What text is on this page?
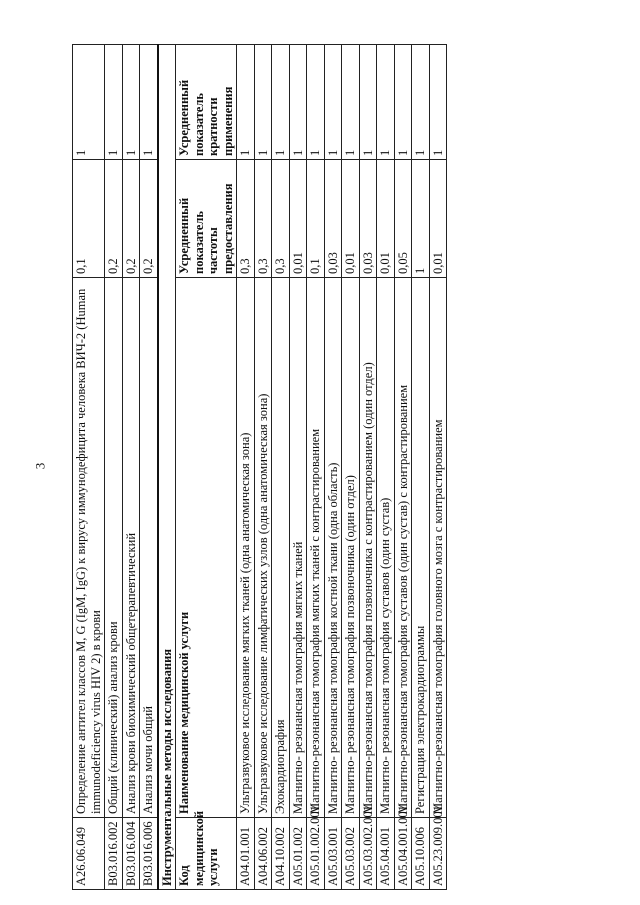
3
A26.06.049	Определение антител классов M, G (IgM, IgG) к вирусу иммунодефицита человека ВИЧ-2 (Human immunodeficiency virus HIV 2) в крови	0,1	1
B03.016.002	Общий (клинический) анализ крови	0,2	1
B03.016.004	Анализ крови биохимический общетерапевтический	0,2	1
B03.016.006	Анализ мочи общий	0,2	1
Инструментальные методы исследования			
Код медицинской услуги	Наименование медицинской услуги	Усредненный показатель частоты предоставления	Усредненный показатель кратности применения
A04.01.001	Ультразвуковое исследование мягких тканей (одна анатомическая зона)	0,3	1
A04.06.002	Ультразвуковое исследование лимфатических узлов (одна анатомическая зона)	0,3	1
A04.10.002	Эхокардиография	0,3	1
A05.01.002	Магнитно- резонансная томография мягких тканей	0,01	1
A05.01.002.001	Магнитно-резонансная томография мягких тканей с контрастированием	0,1	1
A05.03.001	Магнитно- резонансная томография костной ткани (одна область)	0,03	1
A05.03.002	Магнитно- резонансная томография позвоночника (один отдел)	0,01	1
A05.03.002.001	Магнитно-резонансная томография позвоночника с контрастированием (один отдел)	0,03	1
A05.04.001	Магнитно- резонансная томография суставов (один сустав)	0,01	1
A05.04.001.001	Магнитно-резонансная томография суставов (один сустав) с контрастированием	0,05	1
A05.10.006	Регистрация электрокардиограммы	1	1
A05.23.009.001	Магнитно-резонансная томография головного мозга с контрастированием	0,01	1
